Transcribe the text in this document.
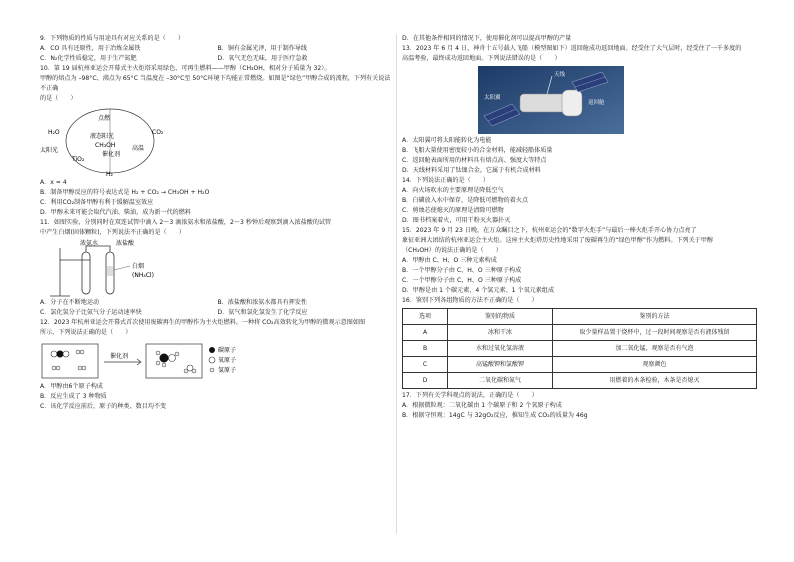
9．下列物质的性质与用途具有对应关系的是（　　）

A．CO 具有还原性，用于冶炼金属铁	B．铜有金属光泽，用于制作导线

C．N₂化学性质稳定，用于生产氮肥	D．氧气无色无味，用于医疗急救

10．第 19 届杭州亚运会开幕式主火炬塔采用绿色、可再生燃料——甲醇（CH₃OH，相对分子质量为 32）。

甲醇的熔点为 –98°C、沸点为 65°C 当温度在 –30°C至 50°C环境下均能正常燃烧。如图是“绿色”甲醇合成的流程，下列有关说法不正确

的是（　　）

点燃
H₂O	CO₂
液态阳光
CH₃OH
太阳光
TiO₂
催化剂
高温
H₂

A．x = 4

B．制备甲醇反应的符号表达式是 H₂ + CO₂ → CH₃OH + H₂O

C．利用CO₂制备甲醇有利于缓解温室效应

D．甲醇未来可能会取代汽油、柴油，成为新一代的燃料

11．如图实验，分别同时在双连试管中滴入 2～3 滴浓氨水和浓盐酸，2～3 秒钟后观察到滴入浓盐酸的试管

中产生白烟(固体颗粒)，下列说法不正确的是（　　）

浓氨水	浓盐酸
白烟
(NH₄Cl)

A．分子在不断地运动	B．浓盐酸和浓氨水都具有挥发性

C．氯化氢分子比氨气分子运动速率快	D．氨气和氯化氢发生了化学反应

12．2023 年杭州亚运会开幕式首次使用废碳再生的甲醇作为主火炬燃料，一种将 CO₂高效转化为甲醇的微观示意图如图

所示，下列说法正确的是（　　）

催化剂
碳原子
氧原子
氢原子

A．甲醇由6个原子构成

B．反应生成了 3 种物质

C．该化学反应前后，原子的种类、数目均不变

D．在其他条件相同的情况下，使用催化剂可以提高甲醇的产量

13．2023 年 6 月 4 日，神舟十五号载人飞船（模型图如下）返回舱成功返回地面。经受住了大气层时，经受住了一千多度的

高温考验，最终成功返回地面。下列说法错误的是（　　）

太阳翼
天线
返回舱

A．太阳翼可将太阳能转化为电能

B．飞船大量使用密度较小的合金材料，能减轻船体质量

C．返回舱表面所用的材料具有熔点高、强度大等特点

D．天线材料采用了钛镍合金，它属于有机合成材料

14．下列说法正确的是（　　）

A．向火场吹水的主要原理是降低空气

B．白磷放入水中保存，是降低可燃物的着火点

C．剪烛芯使熄灭的原理是清除可燃物

D．图书档案着火，可用干粉灭火器扑灭

15．2023 年 9 月 23 日晚，在万众瞩目之下，杭州亚运会的“数字火炬手”与最后一棒火炬手开心协力点亮了

象征亚洲大团结的杭州亚运会主火炬。这座主火炬塔历史性地采用了废碳再生的“绿色甲醇”作为燃料。下列关于甲醇

（CH₃OH）的说法正确的是（　　）

A．甲醇由 C、H、O 三种元素构成

B．一个甲醇分子由 C、H、O 三种原子构成

C．一个甲醇分子由 C、H、O 三种原子构成

D．甲醇是由 1 个碳元素、4 个氢元素、1 个氧元素组成

16．鉴别下列各组物质的方法不正确的是（　　）

选项	鉴别的物质	鉴别的方法
A	冰和干冰	取少量样品置于烧杯中，过一段时间观察是否有液体残留
B	水和过氧化氢溶液	加二氧化锰，观察是否有气泡
C	高锰酸钾和氯酸钾	观察颜色
D	二氧化碳和氮气	用燃着的木条检验，木条是否熄灭

17．下列有关学科观点的说法，正确的是（　　）

A．根据微粒观：二氧化碳由 1 个碳原子和 2 个氧原子构成

B．根据守恒观：14gC 与 32gO₂反应，推知生成 CO₂的质量为 46g
